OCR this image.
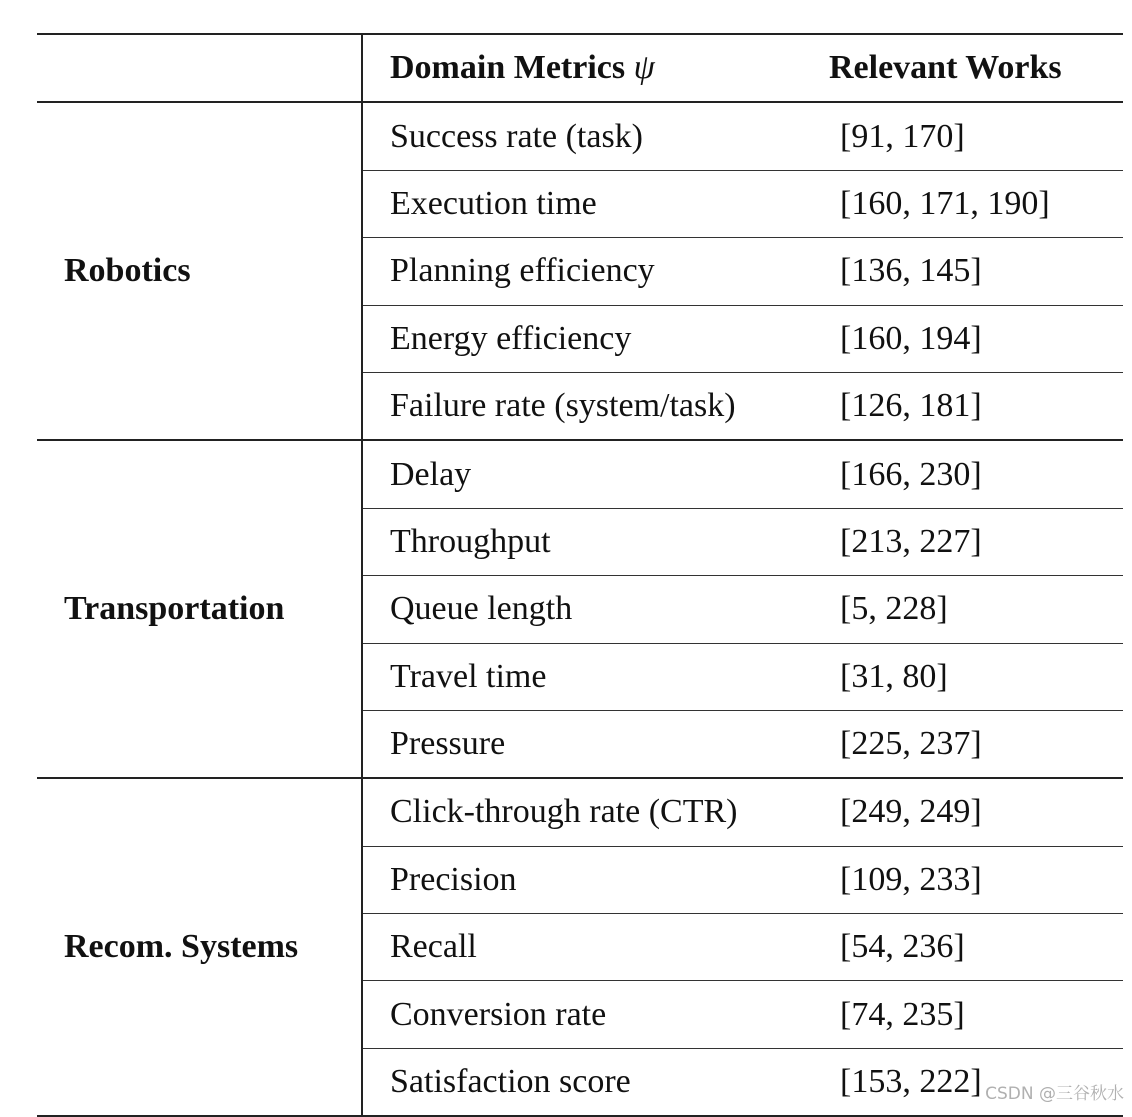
	Domain Metrics ψ	Relevant Works
Robotics	Success rate (task)	[91, 170]
	Execution time	[160, 171, 190]
	Planning efficiency	[136, 145]
	Energy efficiency	[160, 194]
	Failure rate (system/task)	[126, 181]
Transportation	Delay	[166, 230]
	Throughput	[213, 227]
	Queue length	[5, 228]
	Travel time	[31, 80]
	Pressure	[225, 237]
Recom. Systems	Click-through rate (CTR)	[249, 249]
	Precision	[109, 233]
	Recall	[54, 236]
	Conversion rate	[74, 235]
	Satisfaction score	[153, 222] CSDN @三谷秋水
